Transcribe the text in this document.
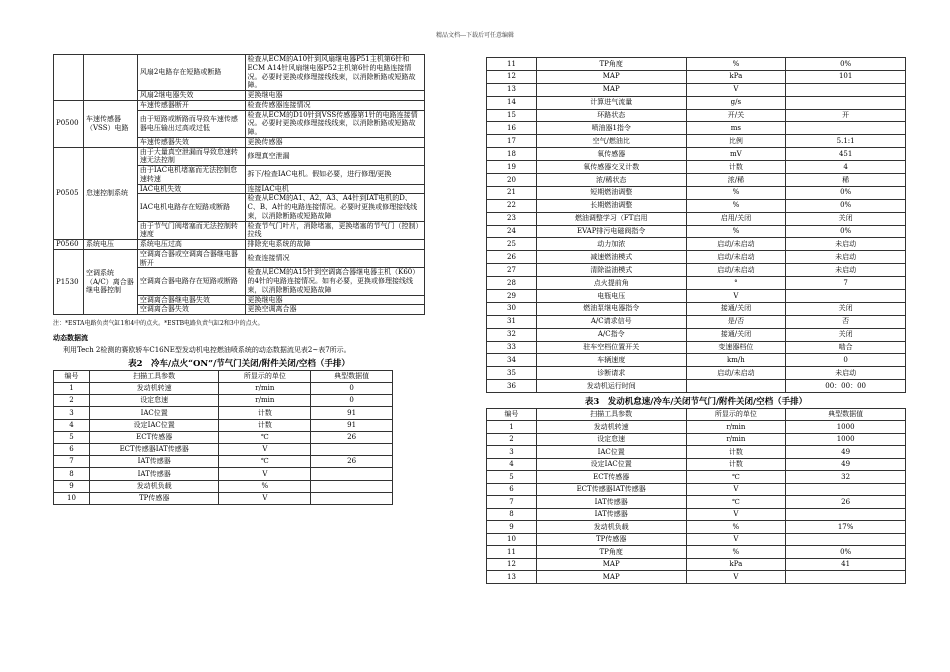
精品文档---下载后可任意编辑
		风扇2电路存在短路或断路	检查从ECM的A10针到风扇继电器P51主机第6针和ECM A14针风扇继电器P52主机第6针的电路连接情况。必要时更换或修理接线线束，以消除断路或短路故障。
		风扇2继电器失效	更换继电器
P0500	车速传感器（VSS）电路	车速传感器断开	检查传感器连接情况
		由于短路或断路而导致车速传感器电压输出过高或过低	检查从ECM的D10针到VSS传感器第1针的电路连接情况。必要时更换或修理接线线束，以消除断路或短路故障。
		车速传感器失效	更换传感器
P0505	怠速控制系统	由于大量真空泄漏而导致怠速转速无法控制	修理真空泄漏
		由于IAC电机堵塞而无法控制怠速转速	拆下/检查IAC电机。假如必要，进行修理/更换
		IAC电机失效	连接IAC电机
		IAC电机电路存在短路或断路	检查从ECM的A1、A2、A3、A4针到IAT电机的D、C、B、A针的电路连接情况。必要时更换或修理接线线束，以消除断路或短路故障
		由于节气门阀堵塞而无法控制转速度	检查节气门叶片，消除堵塞，更换堵塞的节气门（控制）拉线
P0560	系统电压	系统电压过高	排除充电系统的故障
P1530	空调系统（A/C）离合器继电器控制	空调离合器或空调离合器继电器断开	检查连接情况
		空调离合器电路存在短路或断路	检查从ECM的A15针到空调离合器继电器主机（K60）的4针的电路连接情况。如有必要，更换或修理接线线束，以消除断路或短路故障
		空调离合器继电器失效	更换继电器
		空调离合器失效	更换空调离合器
注：*ESTA电路负责气缸1和4中的点火。*ESTB电路负责气缸2和3中的点火。
动态数据流
利用Tech 2检测的赛欧轿车C16NE型发动机电控燃油喷系统的动态数据流见表2~表7所示。
表2　冷车/点火“ON”/节气门关闭/附件关闭/空档（手排）
编号	扫描工具参数	所显示的单位	典型数据值
1	发动机转速	r/min	0
2	设定怠速	r/min	0
3	IAC位置	计数	91
4	设定IAC位置	计数	91
5	ECT传感器	℃	26
6	ECT传感器IAT传感器	V	
7	IAT传感器	℃	26
8	IAT传感器	V	
9	发动机负载	%	
10	TP传感器	V	
11	TP角度	%	0%
12	MAP	kPa	101
13	MAP	V	
14	计算进气流量	g/s	
15	环路状态	开/关	开
16	喷油器1指令	ms	
17	空气/燃油比	比例	5.1:1
18	氧传感器	mV	451
19	氧传感器交叉计数	计数	4
20	浓/稀状态	浓/稀	稀
21	短期燃油调整	%	0%
22	长期燃油调整	%	0%
23	燃油调整学习（FT启用	启用/关闭	关闭
24	EVAP排污电磁阀指令	%	0%
25	动力加浓	启动/未启动	未启动
26	减速燃油模式	启动/未启动	未启动
27	清除溢油模式	启动/未启动	未启动
28	点火提前角	°	7
29	电瓶电压	V	
30	燃油泵继电器指令	接通/关闭	关闭
31	A/C请求信号	是/否	否
32	A/C指令	接通/关闭	关闭
33	驻车空档位置开关	变速器档位	啮合
34	车辆速度	km/h	0
35	诊断请求	启动/未启动	未启动
36	发动机运行时间		00：00：00
表3　发动机怠速/冷车/关闭节气门/附件关闭/空档（手排）
编号	扫描工具参数	所显示的单位	典型数据值
1	发动机转速	r/min	1000
2	设定怠速	r/min	1000
3	IAC位置	计数	49
4	设定IAC位置	计数	49
5	ECT传感器	℃	32
6	ECT传感器IAT传感器	V	
7	IAT传感器	℃	26
8	IAT传感器	V	
9	发动机负载	%	17%
10	TP传感器	V	
11	TP角度	%	0%
12	MAP	kPa	41
13	MAP	V	
